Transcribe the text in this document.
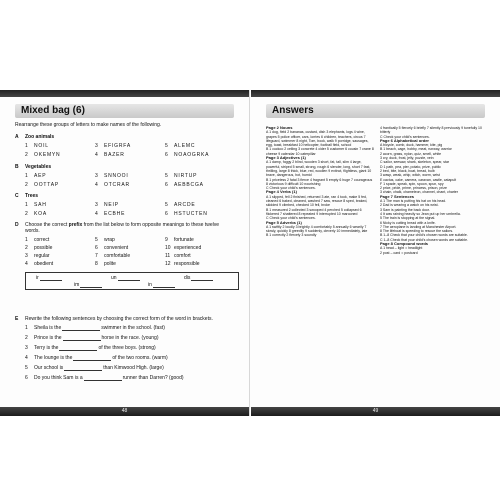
Mixed bag (6)
Rearrange these groups of letters to make names of the following.
A	Zoo animals
1	NOIL	3	EFIGRFA	5	ALEMC
2	OKEMYN	4	BAZER	6	NOAOGRKA
B	Vegetables
1	AEP	3	SNNOOI	5	NIRTUP
2	OOTTAP	4	OTCRAR	6	AEBBCGA
C	Trees
1	SAH	3	NEIP	5	ARCDE
2	KOA	4	ECBHE	6	HSTUCTEN
D	Choose the correct prefix from the list below to form opposite meanings to these twelve words.
1	correct	5	wrap	9	fortunate
2	possible	6	convenient	10 experienced
3	regular	7	comfortable	11 comfort
4	obedient	8	polite	12 responsible
ir	un	dis
im	in
E	Rewrite the following sentences by choosing the correct form of the word in brackets.
1	Sheila is the	swimmer in the school. (fast)
2	Prince is the	horse in the race. (young)
3	Terry is the	of the three boys. (strong)
4	The lounge is the	of the two rooms. (warm)
5	Our school is	than Kimwood High. (large)
6	Do you think Sam is a	runner than Darren? (good)
48
Answers

Page 2 Nouns

A 1 dog, field 2 bananas, custard, dish 3 elephants, logs 4 wine, grapes 5 police officer, cars, lorries 6 children, teachers, circus 7 lifeguard, swimmer 8 night, Tom, book, walk 9 porridge, sausages, egg, toast, breakfast 10 helicopter, football field, school

B 1 cuckoo 2 ceiling 3 concrete 4 cider 5 customer 6 cousin 7 crane 8 cheese 9 calendar 10 caterpillar

Page 3 Adjectives (1)

A 1 damp, foggy 2 blind, wooden 3 short, fat, tall, slim 4 large, powerful, striped 5 small, strong, rough 6 slender, long, short 7 fast, thrilling, large 8 thick, blue, red, woollen 9 extinct, flightless, giant 10 brave, dangerous, hot, humid

B 1 priceless 2 fatal 3 fierce 4 fragrant 5 empty 6 huge 7 courageous 8 victorious 9 difficult 10 nourishing

C Check your child's sentences.

Page 4 Verbs (1)

A 1 slipped, fell 2 finished, returned 3 ate, ran 4 took, make 5 fed, cleaned 6 baked, cleaned, washed 7 saw, rescue 8 sped, braked, skidded 9 climbed, checked 10 fell, broke

B 1 measured 2 collected 3 swooped 4 perched 5 collapsed 6 flickered 7 shattered 8 repeated 9 interrupted 10 marooned

C Check your child's sentences.

Page 5 Adverbs (1)

A 1 swiftly 2 loudly 3 brightly 4 comfortably 5 annually 6 wearily 7 slowly, quickly 8 greedily 9 suddenly, cleverly 10 immediately, late

B 1 correctly 2 fiercely 3 soundly

4 frantically 5 fiercely 6 briefly 7 silently 8 previously 9 tunefully 10 bitterly

C Check your child's sentences.

Page 6 Alphabetical order

A bicycle, comb, duck, hammer, kite, pig

B 1 beach, cage, hobby, meat, runway, warrior

2 acorn, grass, nylon, quiz, smell, white

3 cry, duck, frost, jelly, puzzle, vein

C sailor, seesaw, shark, skeleton, spear, star

D 1 path, pea, pier, potato, prize, public

2 bed, bite, black, boat, bread, bulb

3 wasp, weak, whip, witch, worm, wrist

E cactus, cake, camera, caravan, castle, catapult

F 1 spade, speak, spin, spoon, spun, spy

2 price, pride, prime, princess, prison, prize

3 chain, chalk, chameleon, channel, chant, charter

Page 7 Sentences

A 1 The man is putting his hat on his head.

2 Dad is wearing a watch on his wrist.

3 Sam is painting the back door.

4 It was raining heavily so Jean put up her umbrella.

5 The train is stopping at the signal.

6 Nicky is cutting bread with a knife.

7 The aeroplane is landing at Manchester Airport.

8 The lifeboat is speeding to rescue the sailors.

B 1–8 Check that your child's chosen words are suitable.

C 1–8 Check that your child's chosen words are suitable.

Page 8 Compound words

A 1 head – light = headlight

2 post – card = postcard

49
